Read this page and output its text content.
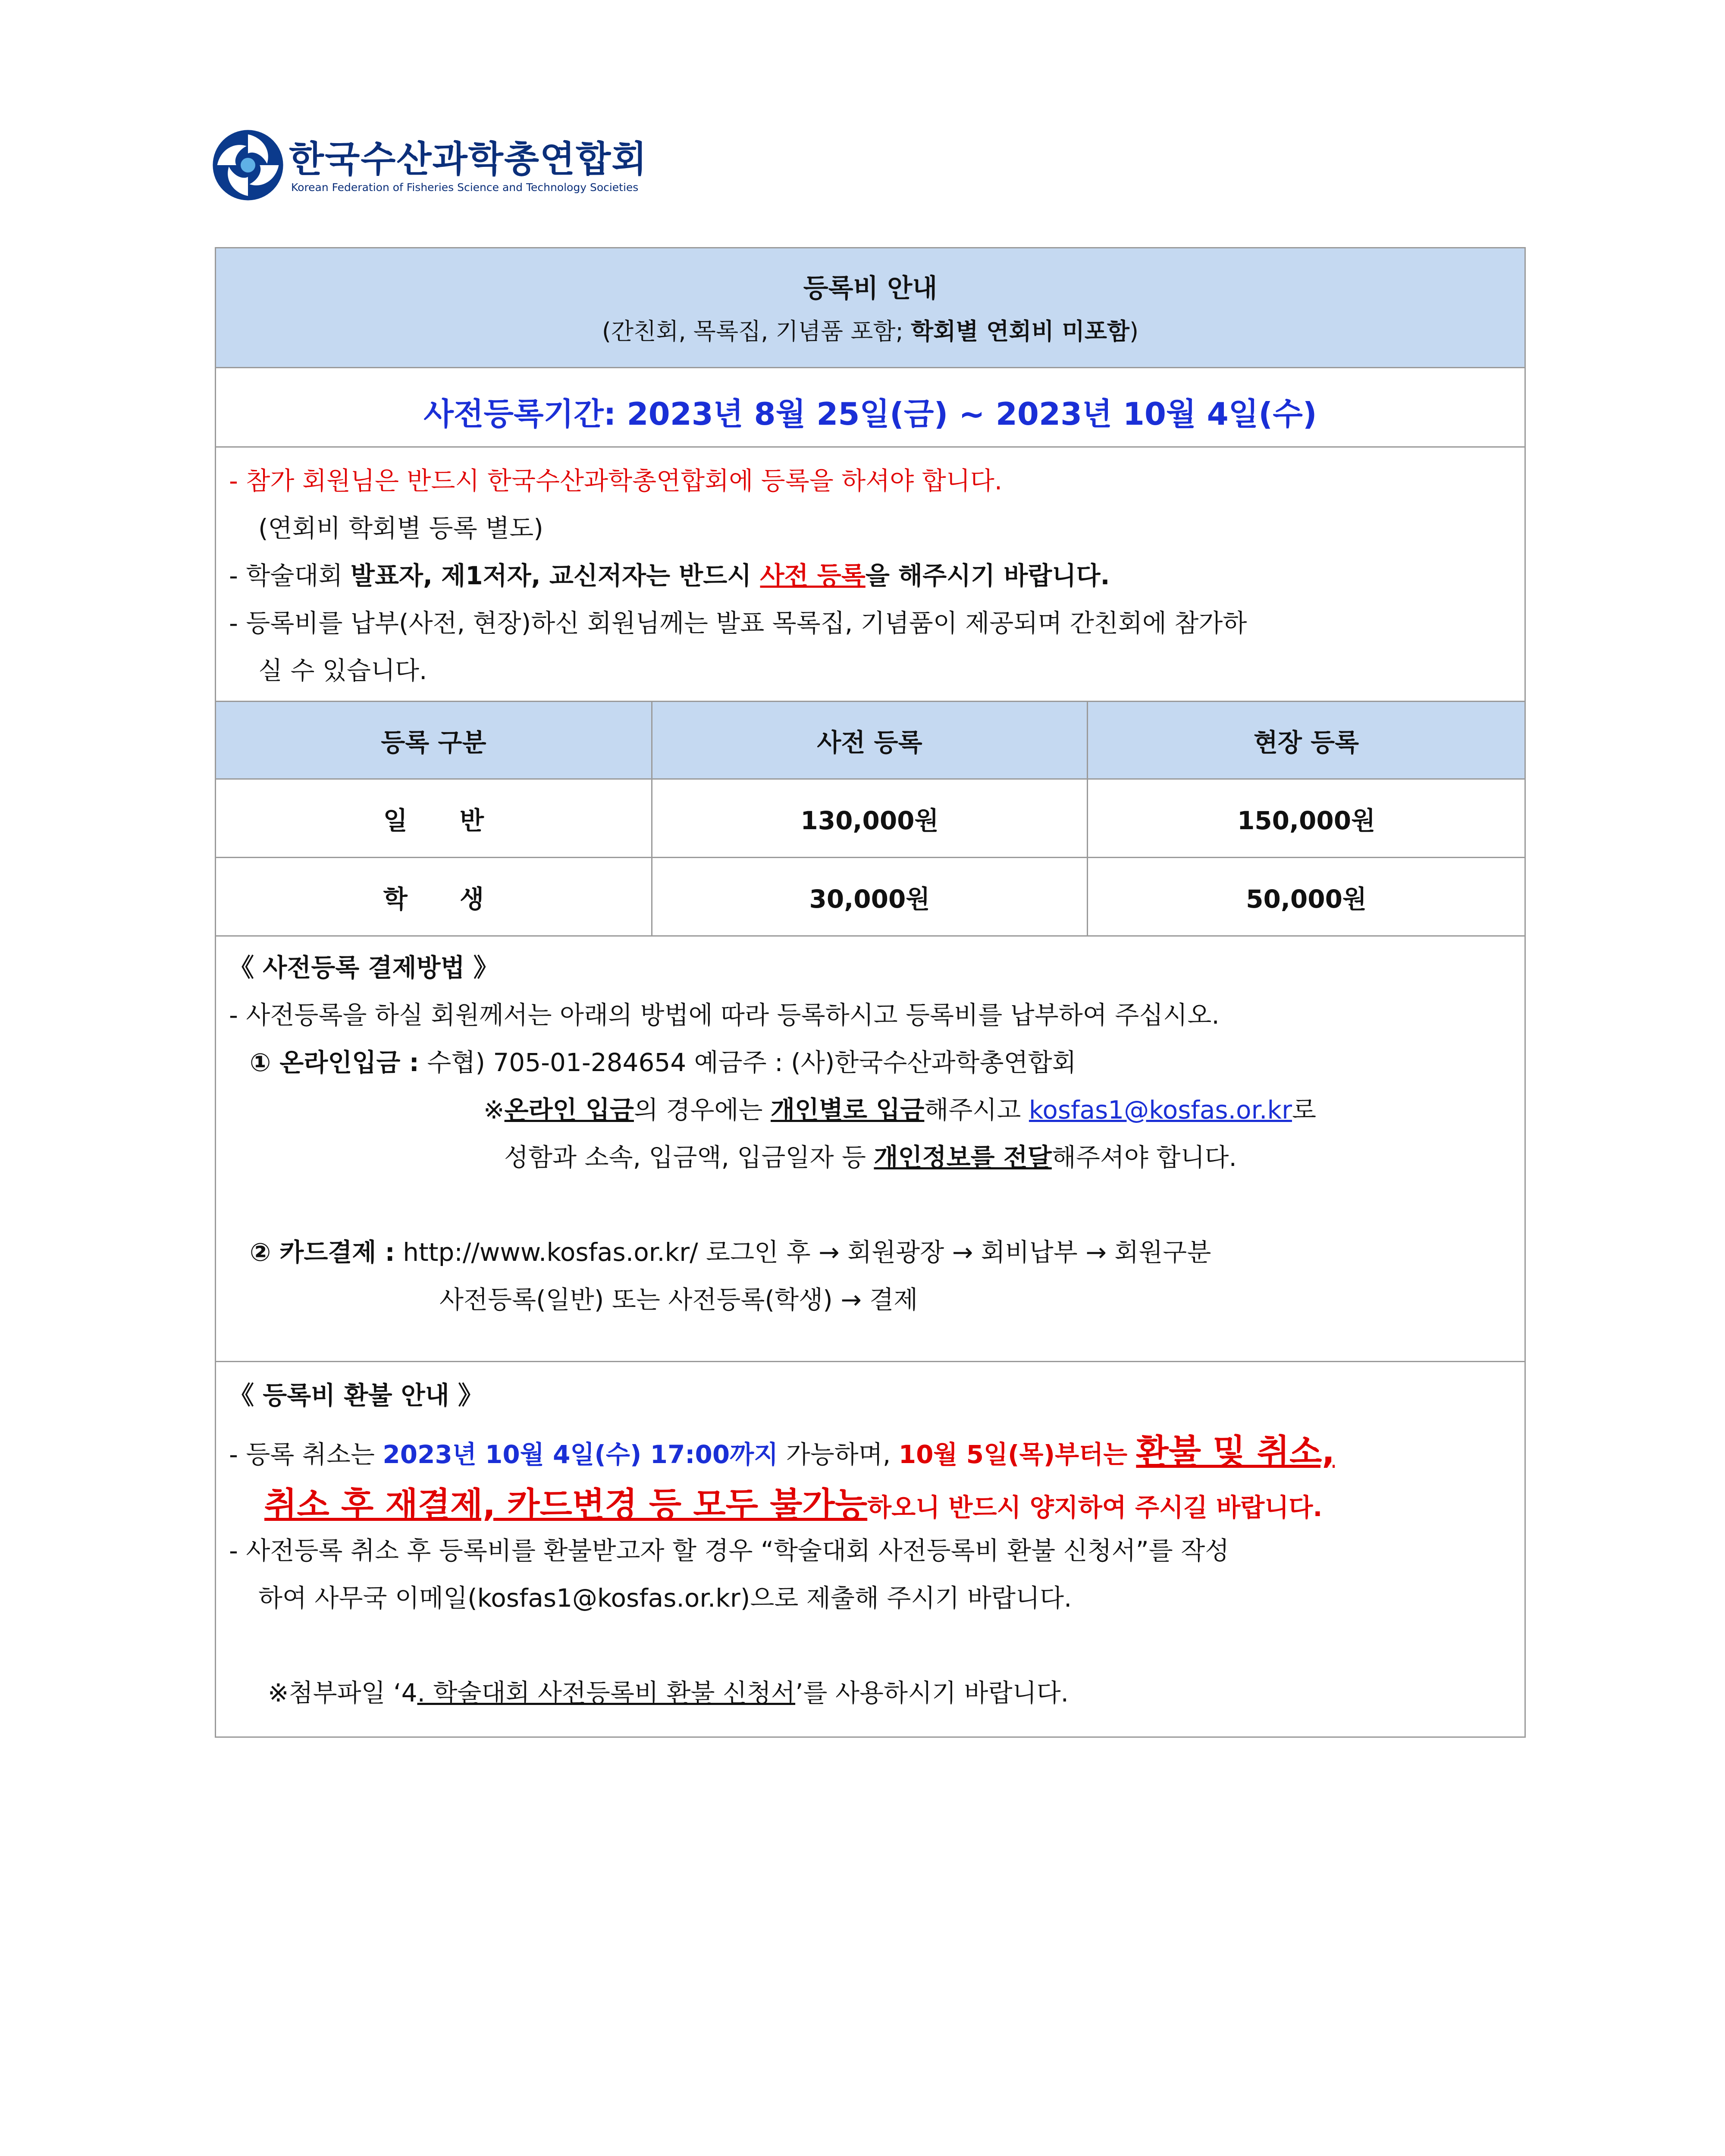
한국수산과학총연합회
Korean Federation of Fisheries Science and Technology Societies
등록비 안내
(간친회, 목록집, 기념품 포함; 학회별 연회비 미포함)
사전등록기간: 2023년 8월 25일(금) ~ 2023년 10월 4일(수)
- 참가 회원님은 반드시 한국수산과학총연합회에 등록을 하셔야 합니다.
(연회비 학회별 등록 별도)
- 학술대회 발표자, 제1저자, 교신저자는 반드시 사전 등록을 해주시기 바랍니다.
- 등록비를 납부(사전, 현장)하신 회원님께는 발표 목록집, 기념품이 제공되며 간친회에 참가하
실 수 있습니다.
등록 구분	사전 등록	현장 등록
일      반	130,000원	150,000원
학      생	30,000원	50,000원
《 사전등록 결제방법 》
- 사전등록을 하실 회원께서는 아래의 방법에 따라 등록하시고 등록비를 납부하여 주십시오.
① 온라인입금 : 수협) 705-01-284654 예금주 : (사)한국수산과학총연합회
※온라인 입금의 경우에는 개인별로 입금해주시고 kosfas1@kosfas.or.kr로
성함과 소속, 입금액, 입금일자 등 개인정보를 전달해주셔야 합니다.
② 카드결제 : http://www.kosfas.or.kr/ 로그인 후 → 회원광장 → 회비납부 → 회원구분
사전등록(일반) 또는 사전등록(학생) → 결제
《 등록비 환불 안내 》
- 등록 취소는 2023년 10월 4일(수) 17:00까지 가능하며, 10월 5일(목)부터는 환불 및 취소,
취소 후 재결제, 카드변경 등 모두 불가능하오니 반드시 양지하여 주시길 바랍니다.
- 사전등록 취소 후 등록비를 환불받고자 할 경우 “학술대회 사전등록비 환불 신청서”를 작성
하여 사무국 이메일(kosfas1@kosfas.or.kr)으로 제출해 주시기 바랍니다.
※첨부파일 ‘4. 학술대회 사전등록비 환불 신청서’를 사용하시기 바랍니다.
